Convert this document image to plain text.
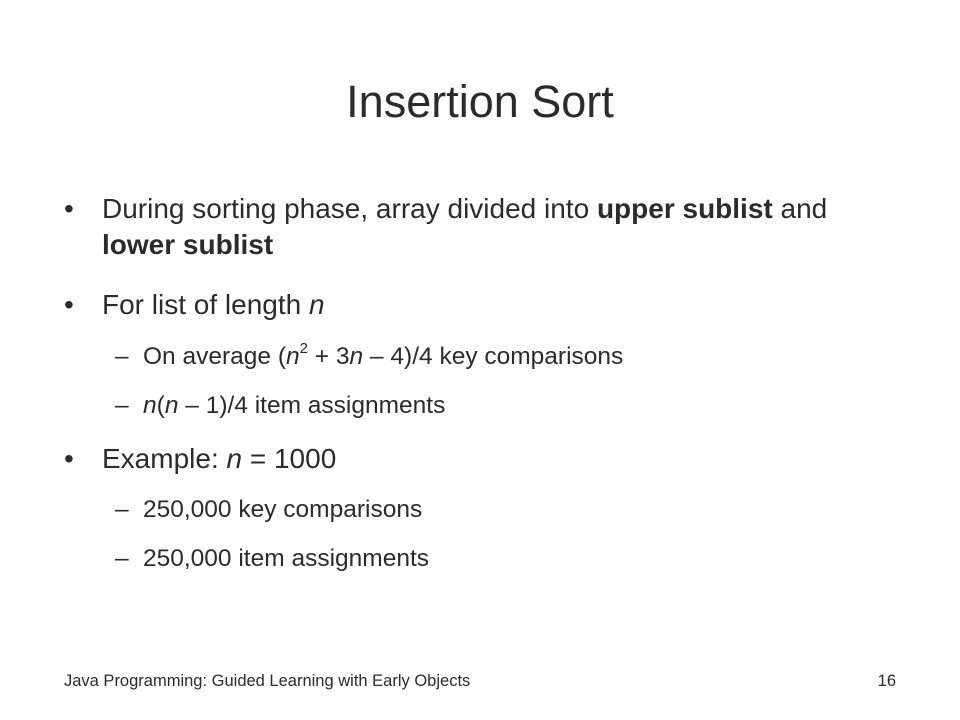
Insertion Sort
• During sorting phase, array divided into upper sublist and lower sublist
• For list of length n
– On average $(n^2 + 3n - 4)/4$ key comparisons
– n(n – 1)/4 item assignments
• Example: n = 1000
– 250,000 key comparisons
– 250,000 item assignments
Java Programming: Guided Learning with Early Objects	16
